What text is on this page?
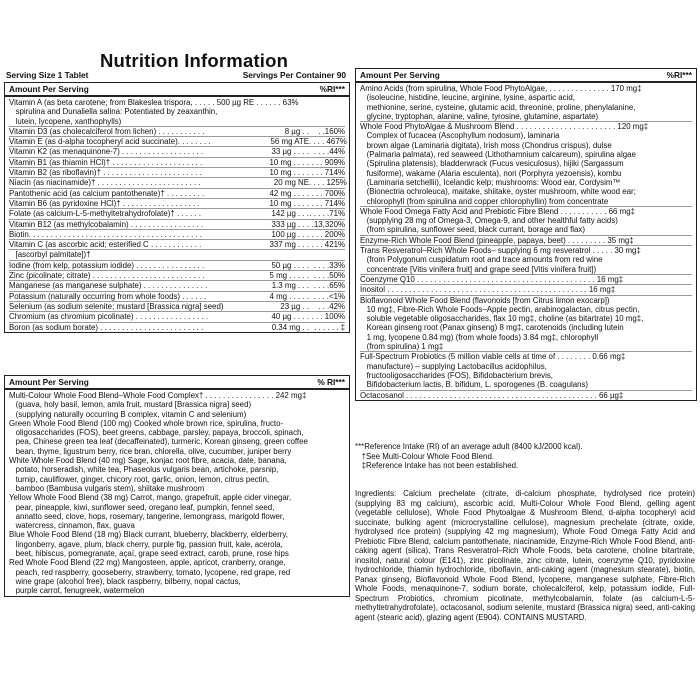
Nutrition Information
Serving Size 1 Tablet	Servings Per Container 90
Amount Per Serving	%RI***
Vitamin A (as beta carotene; from Blakeslea trispora, . . . . . 500 µg RE . . . . . . 63%
spirulina and Dunaliella salina: Potentiated by zeaxanthin,
lutein, lycopene, xanthophylls)
Vitamin D3 (as cholecalciferol from lichen) . . . . . . . . . . .	8 µg . .	. .160%
Vitamin E (as d-alpha tocopheryl acid succinate). . . . . . . .	56 mg ATE . . . . 467%
Vitamin K2 (as menaquinone-7) . . . . . . . . . . . . . . . . . . .	33 µg . . . . . . . .44%
Vitamin B1 (as thiamin HCl)† . . . . . . . . . . . . . . . . . . . . .	10 mg . . . . . . . 909%
Vitamin B2 (as riboflavin)† . . . . . . . . . . . . . . . . . . . . . . .	10 mg . . . . . . . 714%
Niacin (as niacinamide)† . . . . . . . . . . . . . . . . . . . . . . . .	20 mg NE . . . . 125%
Pantothenic acid (as calcium pantothenate)† . . . . . . . . .	42 mg . . . . . . . 700%
Vitamin B6 (as pyridoxine HCl)† . . . . . . . . . . . . . . . . . .	10 mg . . . . . . . 714%
Folate (as calcium-L-5-methyltetrahydrofolate)† . . . . . .	142 µg . . . . . . . .71%
Vitamin B12 (as methylcobalamin) . . . . . . . . . . . . . . . . .	333 µg . . . .13,320%
Biotin. . . . . . . . . . . . . . . . . . . . . . . . . . . . . . . . . . . . . . . .	100 µg . . . . . . 200%
Vitamin C (as ascorbic acid; esterified C . . . . . . . . . . . .	337 mg . . . . . . 421%
[ascorbyl palmitate])†
Iodine (from kelp, potassium iodide) . . . . . . . . . . . . . . . .	50 µg . . . . . . . .33%
Zinc (picolinate; citrate) . . . . . . . . . . . . . . . . . . . . . . . . . .	5 mg . . . . . . . . .50%
Manganese (as manganese sulphate) . . . . . . . . . . . . . . .	1.3 mg . . . . . . .65%
Potassium (naturally occurring from whole foods) . . . . . .	4 mg . . . . . . . . .<1%
Selenium (as sodium selenite; mustard [Brassica nigra] seed)	23 µg . .	. . .42%
Chromium (as chromium picolinate) . . . . . . . . . . . . . . . . .	40 µg . . . . . . . 100%
Boron (as sodium borate) . . . . . . . . . . . . . . . . . . . . . . . .	0.34 mg . . . . . . . . ‡
Amount Per Serving	% RI***
Multi-Colour Whole Food Blend–Whole Food Complex† . . . . . . . . . . . . . . . . 242 mg‡
(guava, holy basil, lemon, amla fruit, mustard [Brassica nigra] seed)
(supplying naturally occurring B complex, vitamin C and selenium)
Green Whole Food Blend (100 mg) Cooked whole brown rice, spirulina, fructo-
oligosaccharides (FOS), beet greens, cabbage, parsley, papaya, broccoli, spinach,
pea, Chinese green tea leaf (decaffeinated), turmeric, Korean ginseng, green coffee
bean, thyme, ligustrum berry, rice bran, chlorella, olive, cucumber, juniper berry
White Whole Food Blend (40 mg) Sage, konjac root fibre, acacia, date, banana,
potato, horseradish, white tea, Phaseolus vulgaris bean, artichoke, parsnip,
turnip, cauliflower, ginger, chicory root, garlic, onion, lemon, citrus pectin,
bamboo (Bambusa vulgaris stem), shiitake mushroom
Yellow Whole Food Blend (38 mg) Carrot, mango, grapefruit, apple cider vinegar,
pear, pineapple, kiwi, sunflower seed, oregano leaf, pumpkin, fennel seed,
annatto seed, clove, hops, rosemary, tangerine, lemongrass, marigold flower,
watercress, cinnamon, flax, guava
Blue Whole Food Blend (18 mg) Black currant, blueberry, blackberry, elderberry,
lingonberry, agave, plum, black cherry, purple fig, passion fruit, kale, acerola,
beet, hibiscus, pomegranate, açaí, grape seed extract, carob, prune, rose hips
Red Whole Food Blend (22 mg) Mangosteen, apple, apricot, cranberry, orange,
peach, red raspberry, gooseberry, strawberry, tomato, lycopene, red grape, red
wine grape (alcohol free), black raspberry, bilberry, nopal cactus,
purple carrot, fenugreek, watermelon
Amount Per Serving	%RI***
Amino Acids (from spirulina, Whole Food PhytoAlgae, . . . . . . . . . . . . . . 170 mg‡
(isoleucine, histidine, leucine, arginine, lysine, aspartic acid,
methionine, serine, cysteine, glutamic acid, threonine, proline, phenylalanine,
glycine, tryptophan, alanine, valine, tyrosine, glutamine, aspartate)
Whole Food PhytoAlgae & Mushroom Blend . . . . . . . . . . . . . . . . . . . . . . . 120 mg‡
Complex of fucacea (Ascophyllum nodosum), laminaria
brown algae (Laminaria digitata), Irish moss (Chondrus crispus), dulse
(Palmaria palmata), red seaweed (Lithothamnium calcareum), spirulina algae
(Spirulina platensis), bladderwrack (Fucus vesiculosus), hijiki (Sargassum
fusiforme), wakame (Alaria esculenta), nori (Porphyra yezoensis), kombu
(Laminaria setchellii), Icelandic kelp; mushrooms: Wood ear, Cordysim™
(Bionectria ochroleuca), maitake, shiitake, oyster mushroom, white wood ear;
chlorophyll (from spirulina and copper chlorophyllin) from concentrate
Whole Food Omega Fatty Acid and Prebiotic Fibre Blend . . . . . . . . . . . 66 mg‡
(supplying 28 mg of Omega-3, Omega-9, and other healthful fatty acids)
(from spirulina, sunflower seed, black currant, borage and flax)
Enzyme-Rich Whole Food Blend (pineapple, papaya, beet) . . . . . . . . . 35 mg‡
Trans Resveratrol–Rich Whole Foods– supplying 6 mg resveratrol . . . . . 30 mg‡
(from Polygonum cuspidatum root and trace amounts from red wine
concentrate [Vitis vinifera fruit] and grape seed [Vitis vinifera fruit])
Coenzyme Q10 . . . . . . . . . . . . . . . . . . . . . . . . . . . . . . . . . . . . . . . . . 16 mg‡
Inositol . . . . . . . . . . . . . . . . . . . . . . . . . . . . . . . . . . . . . . . . . . . . . . 16 mg‡
Bioflavonoid Whole Food Blend (flavonoids [from Citrus limon exocarp])
10 mg‡, Fibre-Rich Whole Foods–Apple pectin, arabinogalactan, citrus pectin,
soluble vegetable oligosaccharides, flax 10 mg‡, choline (as bitartrate) 10 mg‡,
Korean ginseng root (Panax ginseng) 8 mg‡, carotenoids (including lutein
1 mg, lycopene 0.84 mg) (from whole foods) 3.84 mg‡, chlorophyll
(from spirulina) 1 mg‡
Full-Spectrum Probiotics (5 million viable cells at time of . . . . . . . . 0.66 mg‡
manufacture) – supplying Lactobacillus acidophilus,
fructooligosaccharides (FOS), Bifidobacterium brevis,
Bifidobacterium lactis, B. bifidum, L. sporogenes (B. coagulans)
Octacosanol . . . . . . . . . . . . . . . . . . . . . . . . . . . . . . . . . . . . . . . . . . . . 66 µg‡
***Reference Intake (RI) of an average adult (8400 kJ/2000 kcal).
†See Multi-Colour Whole Food Blend.
‡Reference Intake has not been established.
Ingredients: Calcium prechelate (citrate, di-calcium phosphate, hydrolysed rice protein) (supplying 83 mg calcium), ascorbic acid, Multi-Colour Whole Food Blend, gelling agent (vegetable cellulose), Whole Food Phytoalgae & Mushroom Blend, d-alpha tocopheryl acid succinate, bulking agent (microcrystalline cellulose), magnesium prechelate (citrate, oxide, hydrolysed rice protein) (supplying 42 mg magnesium), Whole Food Omega Fatty Acid and Prebiotic Fibre Blend, calcium pantothenate, niacinamide, Enzyme-Rich Whole Food Blend, anti-caking agent (silica), Trans Resveratrol–Rich Whole Foods, beta carotene, choline bitartrate, inositol, natural colour (E141), zinc picolinate, zinc citrate, lutein, coenzyme Q10, pyridoxine hydrochloride, thiamin hydrochloride, riboflavin, anti-caking agent (magnesium stearate), biotin, Panax ginseng, Bioflavonoid Whole Food Blend, lycopene, manganese sulphate, Fibre-Rich Whole Foods, menaquinone-7, sodium borate, cholecalciferol, kelp, potassium iodide, Full-Spectrum Probiotics, chromium picolinate, methylcobalamin, folate (as calcium-L-5-methyltetrahydrofolate), octacosanol, sodium selenite, mustard (Brassica nigra) seed, anti-caking agent (stearic acid), glazing agent (E904). CONTAINS MUSTARD.
